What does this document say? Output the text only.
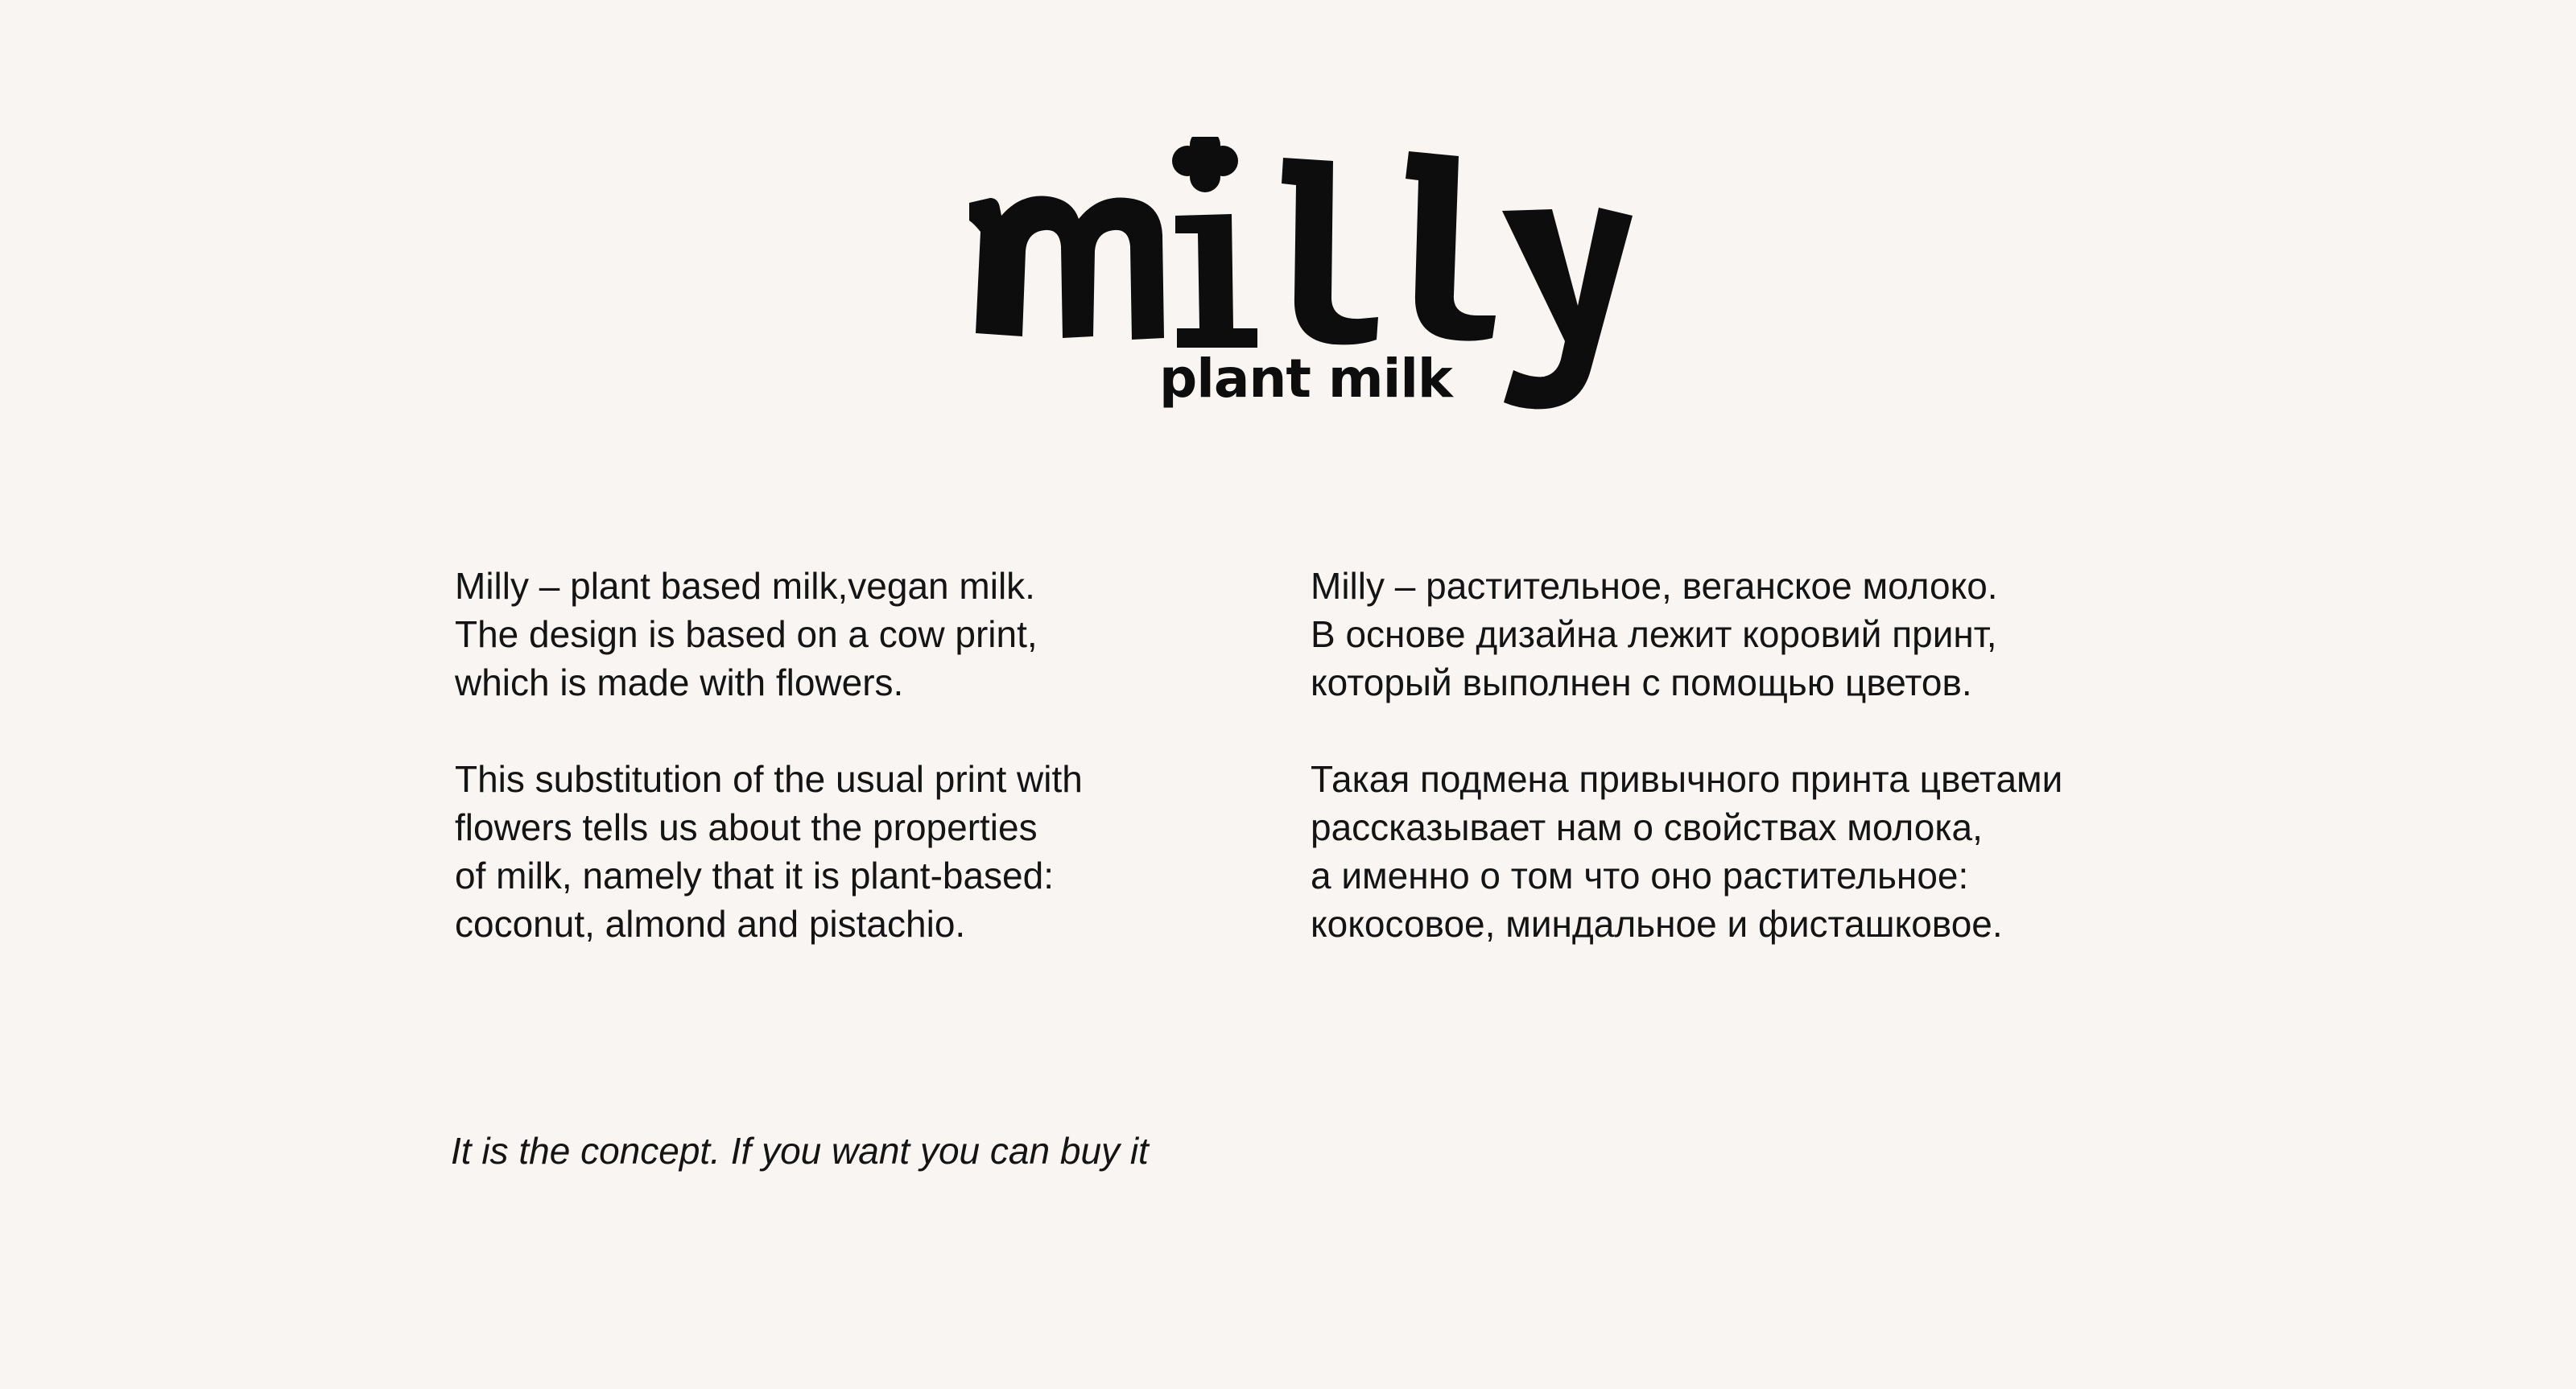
plant milk

Milly – plant based milk,vegan milk.
The design is based on a cow print,
which is made with flowers.

This substitution of the usual print with
flowers tells us about the properties
of milk, namely that it is plant-based:
coconut, almond and pistachio.

Milly – растительное, веганское молоко.
В основе дизайна лежит коровий принт,
который выполнен с помощью цветов.

Такая подмена привычного принта цветами
рассказывает нам о свойствах молока,
а именно о том что оно растительное:
кокосовое, миндальное и фисташковое.

It is the concept. If you want you can buy it
